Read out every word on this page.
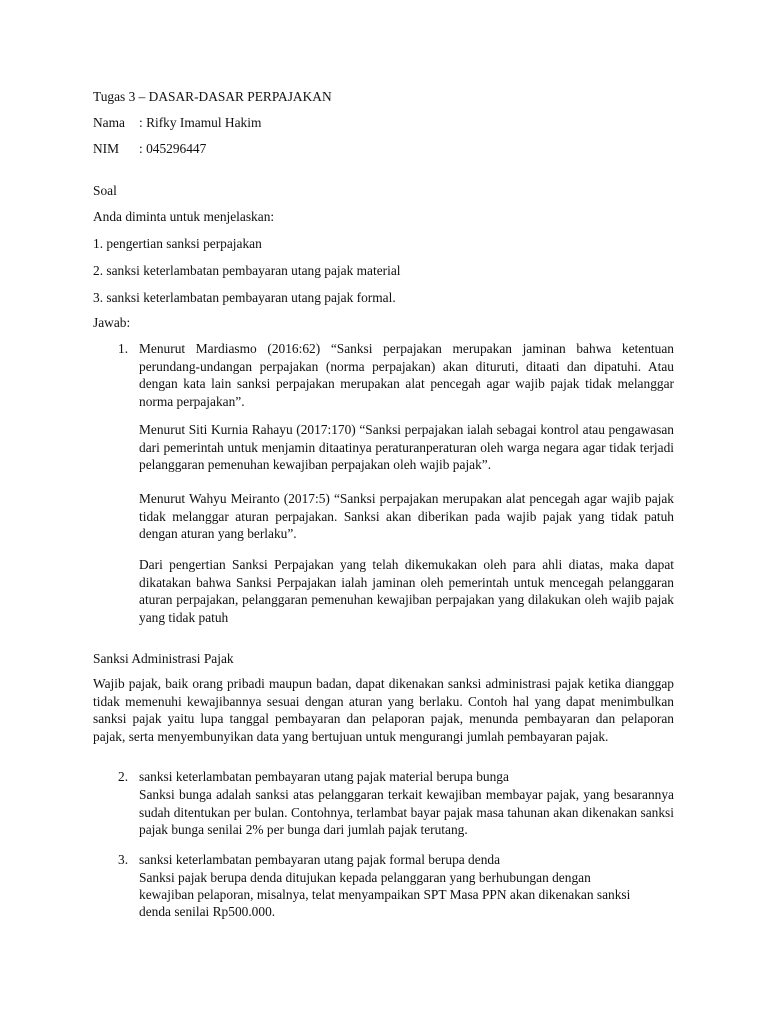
Tugas 3 – DASAR-DASAR PERPAJAKAN
Nama : Rifky Imamul Hakim
NIM : 045296447
Soal
Anda diminta untuk menjelaskan:
1. pengertian sanksi perpajakan
2. sanksi keterlambatan pembayaran utang pajak material
3. sanksi keterlambatan pembayaran utang pajak formal.
Jawab:
1. Menurut Mardiasmo (2016:62) “Sanksi perpajakan merupakan jaminan bahwa ketentuan perundang-undangan perpajakan (norma perpajakan) akan dituruti, ditaati dan dipatuhi. Atau dengan kata lain sanksi perpajakan merupakan alat pencegah agar wajib pajak tidak melanggar norma perpajakan”.
Menurut Siti Kurnia Rahayu (2017:170) “Sanksi perpajakan ialah sebagai kontrol atau pengawasan dari pemerintah untuk menjamin ditaatinya peraturanperaturan oleh warga negara agar tidak terjadi pelanggaran pemenuhan kewajiban perpajakan oleh wajib pajak”.
Menurut Wahyu Meiranto (2017:5) “Sanksi perpajakan merupakan alat pencegah agar wajib pajak tidak melanggar aturan perpajakan. Sanksi akan diberikan pada wajib pajak yang tidak patuh dengan aturan yang berlaku”.
Dari pengertian Sanksi Perpajakan yang telah dikemukakan oleh para ahli diatas, maka dapat dikatakan bahwa Sanksi Perpajakan ialah jaminan oleh pemerintah untuk mencegah pelanggaran aturan perpajakan, pelanggaran pemenuhan kewajiban perpajakan yang dilakukan oleh wajib pajak yang tidak patuh
Sanksi Administrasi Pajak
Wajib pajak, baik orang pribadi maupun badan, dapat dikenakan sanksi administrasi pajak ketika dianggap tidak memenuhi kewajibannya sesuai dengan aturan yang berlaku. Contoh hal yang dapat menimbulkan sanksi pajak yaitu lupa tanggal pembayaran dan pelaporan pajak, menunda pembayaran dan pelaporan pajak, serta menyembunyikan data yang bertujuan untuk mengurangi jumlah pembayaran pajak.
2. sanksi keterlambatan pembayaran utang pajak material berupa bunga
Sanksi bunga adalah sanksi atas pelanggaran terkait kewajiban membayar pajak, yang besarannya sudah ditentukan per bulan. Contohnya, terlambat bayar pajak masa tahunan akan dikenakan sanksi pajak bunga senilai 2% per bunga dari jumlah pajak terutang.
3. sanksi keterlambatan pembayaran utang pajak formal berupa denda
Sanksi pajak berupa denda ditujukan kepada pelanggaran yang berhubungan dengan
kewajiban pelaporan, misalnya, telat menyampaikan SPT Masa PPN akan dikenakan sanksi
denda senilai Rp500.000.
